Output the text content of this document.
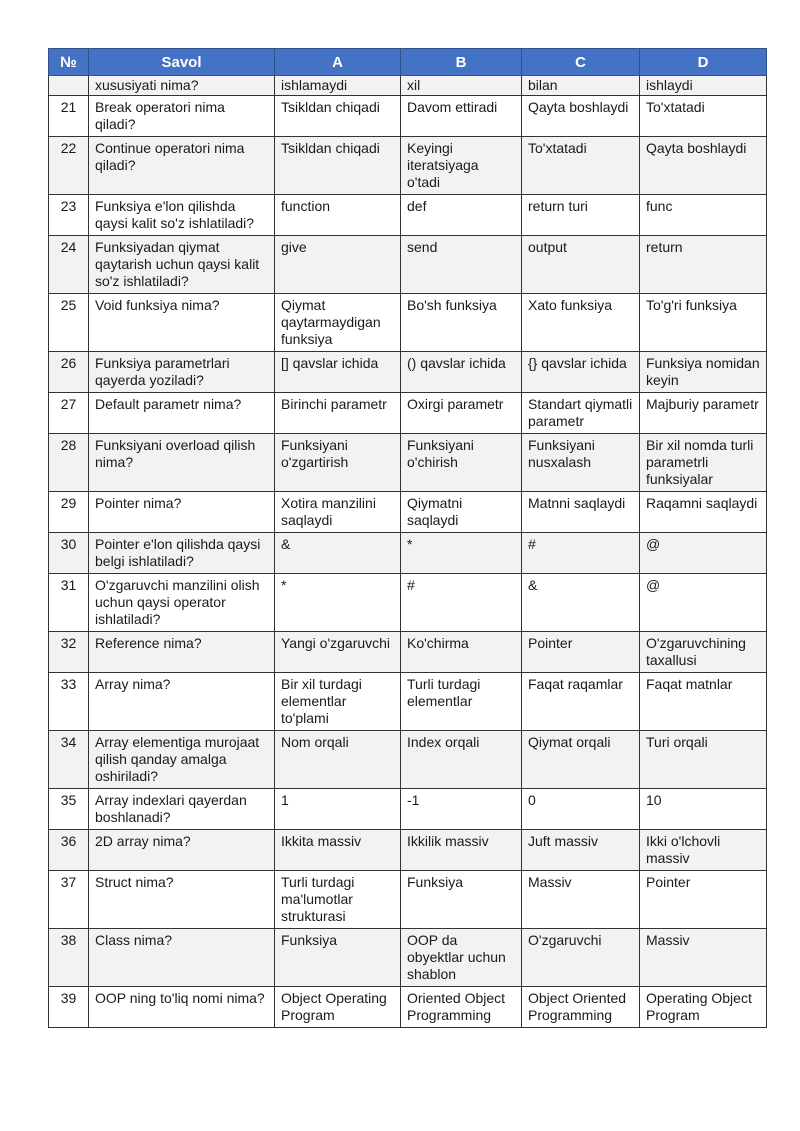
№	Savol	A	B	C	D
	xususiyati nima?	ishlamaydi	xil	bilan	ishlaydi
21	Break operatori nima qiladi?	Tsikldan chiqadi	Davom ettiradi	Qayta boshlaydi	To'xtatadi
22	Continue operatori nima qiladi?	Tsikldan chiqadi	Keyingi iteratsiyaga o'tadi	To'xtatadi	Qayta boshlaydi
23	Funksiya e'lon qilishda qaysi kalit so'z ishlatiladi?	function	def	return turi	func
24	Funksiyadan qiymat qaytarish uchun qaysi kalit so'z ishlatiladi?	give	send	output	return
25	Void funksiya nima?	Qiymat qaytarmaydigan funksiya	Bo'sh funksiya	Xato funksiya	To'g'ri funksiya
26	Funksiya parametrlari qayerda yoziladi?	[] qavslar ichida	() qavslar ichida	{} qavslar ichida	Funksiya nomidan keyin
27	Default parametr nima?	Birinchi parametr	Oxirgi parametr	Standart qiymatli parametr	Majburiy parametr
28	Funksiyani overload qilish nima?	Funksiyani o'zgartirish	Funksiyani o'chirish	Funksiyani nusxalash	Bir xil nomda turli parametrli funksiyalar
29	Pointer nima?	Xotira manzilini saqlaydi	Qiymatni saqlaydi	Matnni saqlaydi	Raqamni saqlaydi
30	Pointer e'lon qilishda qaysi belgi ishlatiladi?	&	*	#	@
31	O'zgaruvchi manzilini olish uchun qaysi operator ishlatiladi?	*	#	&	@
32	Reference nima?	Yangi o'zgaruvchi	Ko'chirma	Pointer	O'zgaruvchining taxallusi
33	Array nima?	Bir xil turdagi elementlar to'plami	Turli turdagi elementlar	Faqat raqamlar	Faqat matnlar
34	Array elementiga murojaat qilish qanday amalga oshiriladi?	Nom orqali	Index orqali	Qiymat orqali	Turi orqali
35	Array indexlari qayerdan boshlanadi?	1	-1	0	10
36	2D array nima?	Ikkita massiv	Ikkilik massiv	Juft massiv	Ikki o'lchovli massiv
37	Struct nima?	Turli turdagi ma'lumotlar strukturasi	Funksiya	Massiv	Pointer
38	Class nima?	Funksiya	OOP da obyektlar uchun shablon	O'zgaruvchi	Massiv
39	OOP ning to'liq nomi nima?	Object Operating Program	Oriented Object Programming	Object Oriented Programming	Operating Object Program
